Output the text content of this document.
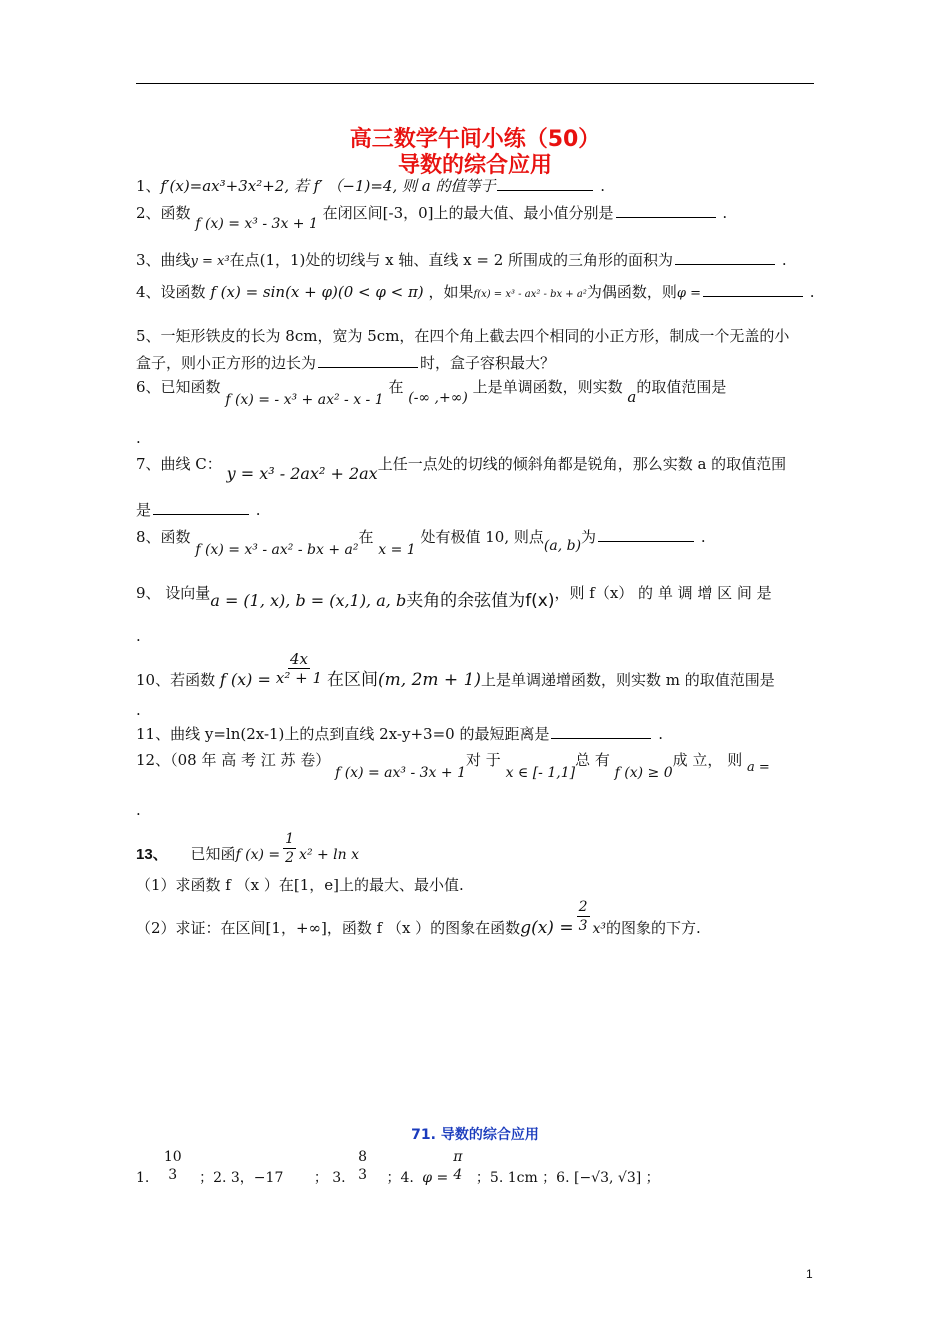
高三数学午间小练（50）
导数的综合应用
1、f′(x)=ax³+3x²+2, 若 f′ （−1)=4, 则 a 的值等于	.
2、函数 f (x) = x³ - 3x + 1 在闭区间[-3，0]上的最大值、最小值分别是	.
3、曲线y = x³在点(1，1)处的切线与 x 轴、直线 x = 2 所围成的三角形的面积为	.
4、设函数 f (x) = sin(x + φ)(0 < φ < π) ，如果f(x) = x³ - ax² - bx + a²为偶函数，则φ =	.
5、一矩形铁皮的长为 8cm，宽为 5cm，在四个角上截去四个相同的小正方形，制成一个无盖的小
盒子，则小正方形的边长为	时，盒子容积最大？
6、已知函数 f (x) = - x³ + ax² - x - 1 在 (-∞ ,+∞) 上是单调函数，则实数 a的取值范围是
.
7、曲线 C： y = x³ - 2ax² + 2ax上任一点处的切线的倾斜角都是锐角，那么实数 a 的取值范围
是	.
8、函数 f (x) = x³ - ax² - bx + a²在 x = 1 处有极值 10, 则点(a, b)为	.
9、 设向量a = (1, x), b = (x,1), a, b夹角的余弦值为f(x)，则 f（x） 的 单 调 增 区 间 是
.
10、若函数 f $(x) = \frac{4x}{\text{x² + 1}}$ 在区间(m, 2m + 1)上是单调递增函数，则实数 m 的取值范围是
.
11、曲线 y=ln(2x-1)上的点到直线 2x-y+3=0 的最短距离是	.
12、（08 年 高 考 江 苏 卷） f (x) = ax³ - 3x + 1对 于 x ∈ [- 1,1]总 有 f (x) ≥ 0成 立， 则 a =
.
13、 已知函f $(x) = \frac{1}{2} x^2 + \ln x$
（1）求函数 f （x ）在[1，e]上的最大、最小值.
（2）求证：在区间[1，+∞]，函数 f （x ）的图象在函数$g(x) = \frac{2}{3} x^3$的图象的下方.
71. 导数的综合应用
1.
10
3 ；2. 3，−17 ； 3.
8
3 ；4. φ =
π
4 ；5. 1cm ；6. [−√3, √3] ；
1
